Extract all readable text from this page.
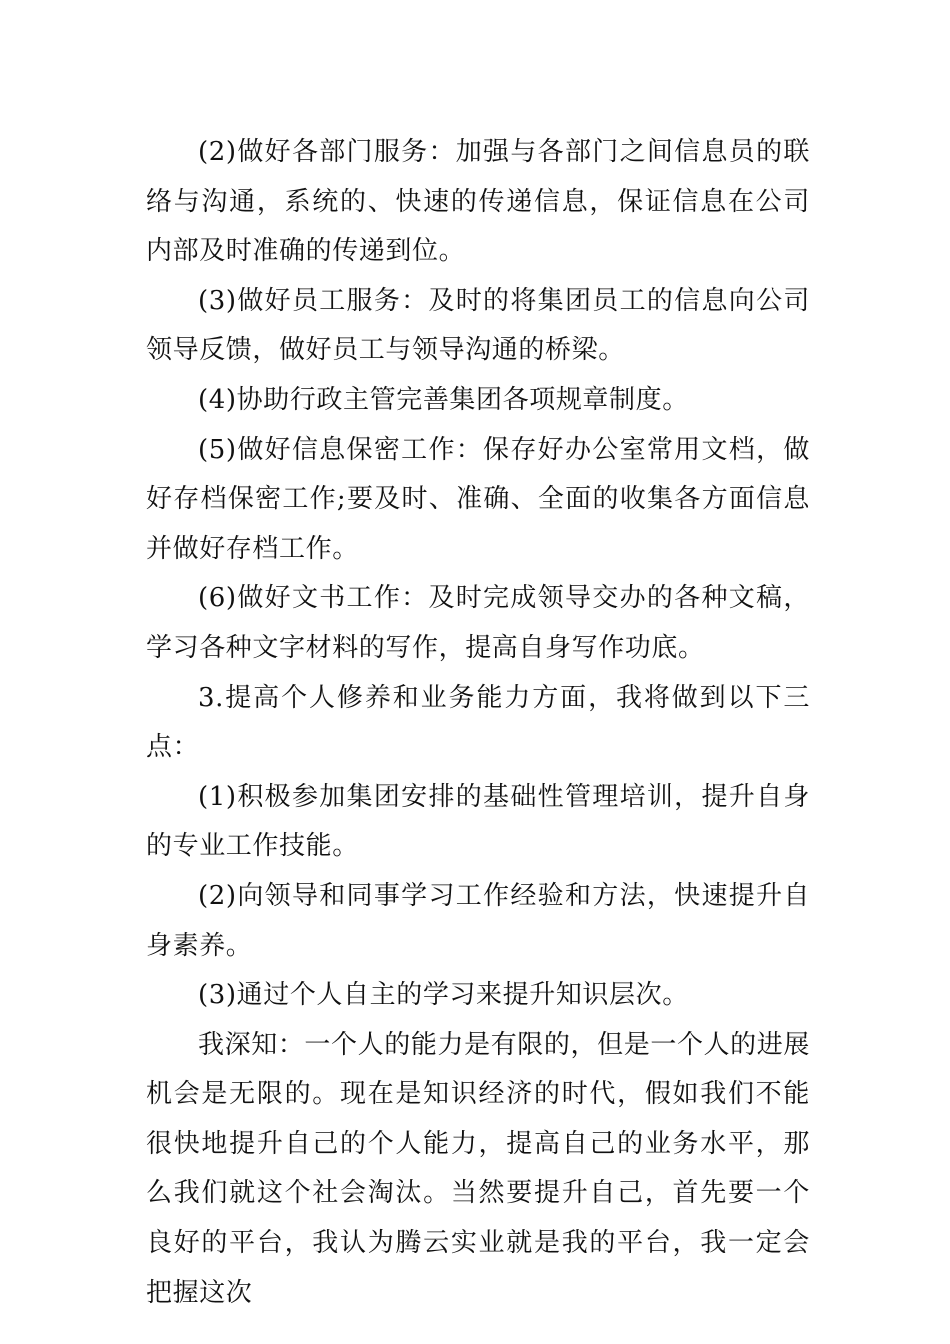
(2)做好各部门服务：加强与各部门之间信息员的联络与沟通，系统的、快速的传递信息，保证信息在公司内部及时准确的传递到位。

(3)做好员工服务：及时的将集团员工的信息向公司领导反馈，做好员工与领导沟通的桥梁。

(4)协助行政主管完善集团各项规章制度。

(5)做好信息保密工作：保存好办公室常用文档，做好存档保密工作;要及时、准确、全面的收集各方面信息并做好存档工作。

(6)做好文书工作：及时完成领导交办的各种文稿，学习各种文字材料的写作，提高自身写作功底。

3.提高个人修养和业务能力方面，我将做到以下三点：

(1)积极参加集团安排的基础性管理培训，提升自身的专业工作技能。

(2)向领导和同事学习工作经验和方法，快速提升自身素养。

(3)通过个人自主的学习来提升知识层次。

我深知：一个人的能力是有限的，但是一个人的进展机会是无限的。现在是知识经济的时代，假如我们不能很快地提升自己的个人能力，提高自己的业务水平，那么我们就这个社会淘汰。当然要提升自己，首先要一个良好的平台，我认为腾云实业就是我的平台，我一定会把握这次
